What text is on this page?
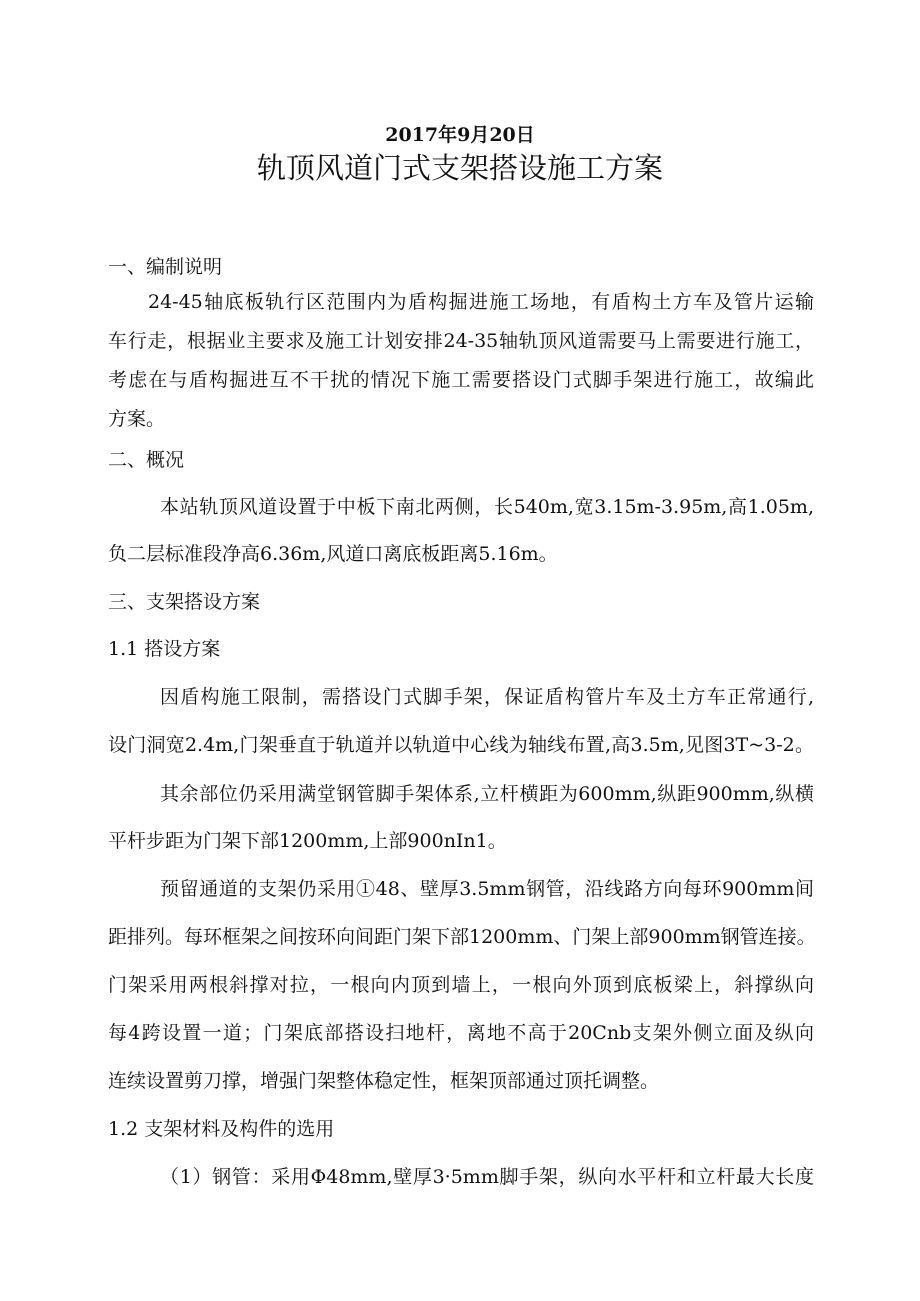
2017年9月20日
轨顶风道门式支架搭设施工方案
一、编制说明
24-45轴底板轨行区范围内为盾构掘进施工场地，有盾构土方车及管片运输
车行走，根据业主要求及施工计划安排24-35轴轨顶风道需要马上需要进行施工，
考虑在与盾构掘进互不干扰的情况下施工需要搭设门式脚手架进行施工，故编此
方案。
二、概况
本站轨顶风道设置于中板下南北两侧，长540m,宽3.15m-3.95m,高1.05m,
负二层标准段净高6.36m,风道口离底板距离5.16m。
三、支架搭设方案
1.1 搭设方案
因盾构施工限制，需搭设门式脚手架，保证盾构管片车及土方车正常通行,
设门洞宽2.4m,门架垂直于轨道并以轨道中心线为轴线布置,高3.5m,见图3T~3-2。
其余部位仍采用满堂钢管脚手架体系,立杆横距为600mm,纵距900mm,纵横
平杆步距为门架下部1200mm,上部900nIn1。
预留通道的支架仍采用①48、壁厚3.5mm钢管，沿线路方向每环900mm间
距排列。每环框架之间按环向间距门架下部1200mm、门架上部900mm钢管连接。
门架采用两根斜撑对拉，一根向内顶到墙上，一根向外顶到底板梁上，斜撑纵向
每4跨设置一道；门架底部搭设扫地杆，离地不高于20Cnb支架外侧立面及纵向
连续设置剪刀撑，增强门架整体稳定性，框架顶部通过顶托调整。
1.2 支架材料及构件的选用
（1）钢管：采用Φ48mm,壁厚3·5mm脚手架，纵向水平杆和立杆最大长度
